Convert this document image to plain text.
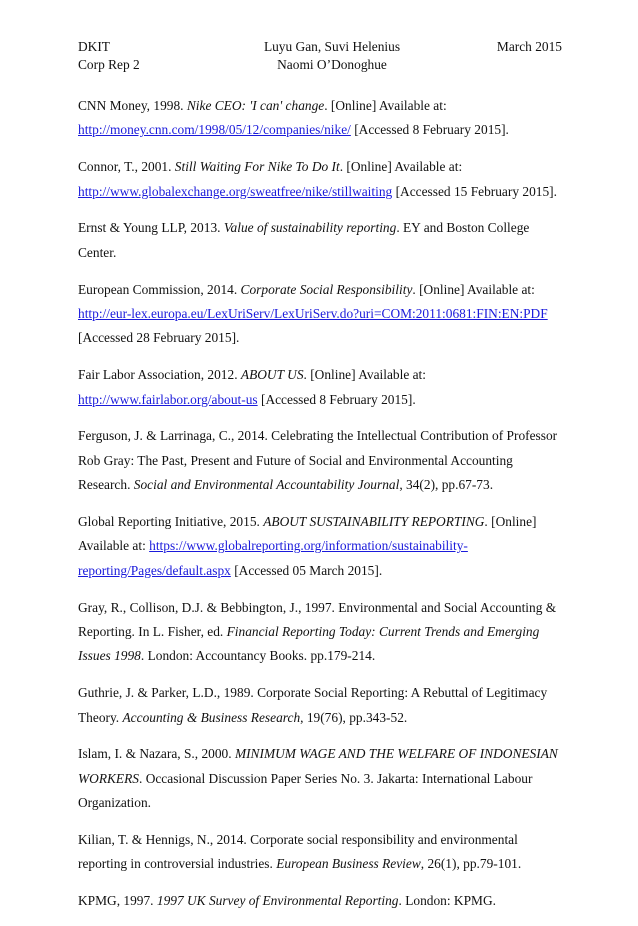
DKIT
Corp Rep 2
Luyu Gan, Suvi Helenius
Naomi O’Donoghue
March 2015
CNN Money, 1998. Nike CEO: 'I can' change. [Online] Available at:
http://money.cnn.com/1998/05/12/companies/nike/ [Accessed 8 February 2015].
Connor, T., 2001. Still Waiting For Nike To Do It. [Online] Available at:
http://www.globalexchange.org/sweatfree/nike/stillwaiting [Accessed 15 February 2015].
Ernst & Young LLP, 2013. Value of sustainability reporting. EY and Boston College Center.
European Commission, 2014. Corporate Social Responsibility. [Online] Available at:
http://eur-lex.europa.eu/LexUriServ/LexUriServ.do?uri=COM:2011:0681:FIN:EN:PDF
[Accessed 28 February 2015].
Fair Labor Association, 2012. ABOUT US. [Online] Available at:
http://www.fairlabor.org/about-us [Accessed 8 February 2015].
Ferguson, J. & Larrinaga, C., 2014. Celebrating the Intellectual Contribution of Professor Rob Gray: The Past, Present and Future of Social and Environmental Accounting Research. Social and Environmental Accountability Journal, 34(2), pp.67-73.
Global Reporting Initiative, 2015. ABOUT SUSTAINABILITY REPORTING. [Online] Available at: https://www.globalreporting.org/information/sustainability-reporting/Pages/default.aspx [Accessed 05 March 2015].
Gray, R., Collison, D.J. & Bebbington, J., 1997. Environmental and Social Accounting & Reporting. In L. Fisher, ed. Financial Reporting Today: Current Trends and Emerging Issues 1998. London: Accountancy Books. pp.179-214.
Guthrie, J. & Parker, L.D., 1989. Corporate Social Reporting: A Rebuttal of Legitimacy Theory. Accounting & Business Research, 19(76), pp.343-52.
Islam, I. & Nazara, S., 2000. MINIMUM WAGE AND THE WELFARE OF INDONESIAN WORKERS. Occasional Discussion Paper Series No. 3. Jakarta: International Labour Organization.
Kilian, T. & Hennigs, N., 2014. Corporate social responsibility and environmental reporting in controversial industries. European Business Review, 26(1), pp.79-101.
KPMG, 1997. 1997 UK Survey of Environmental Reporting. London: KPMG.
